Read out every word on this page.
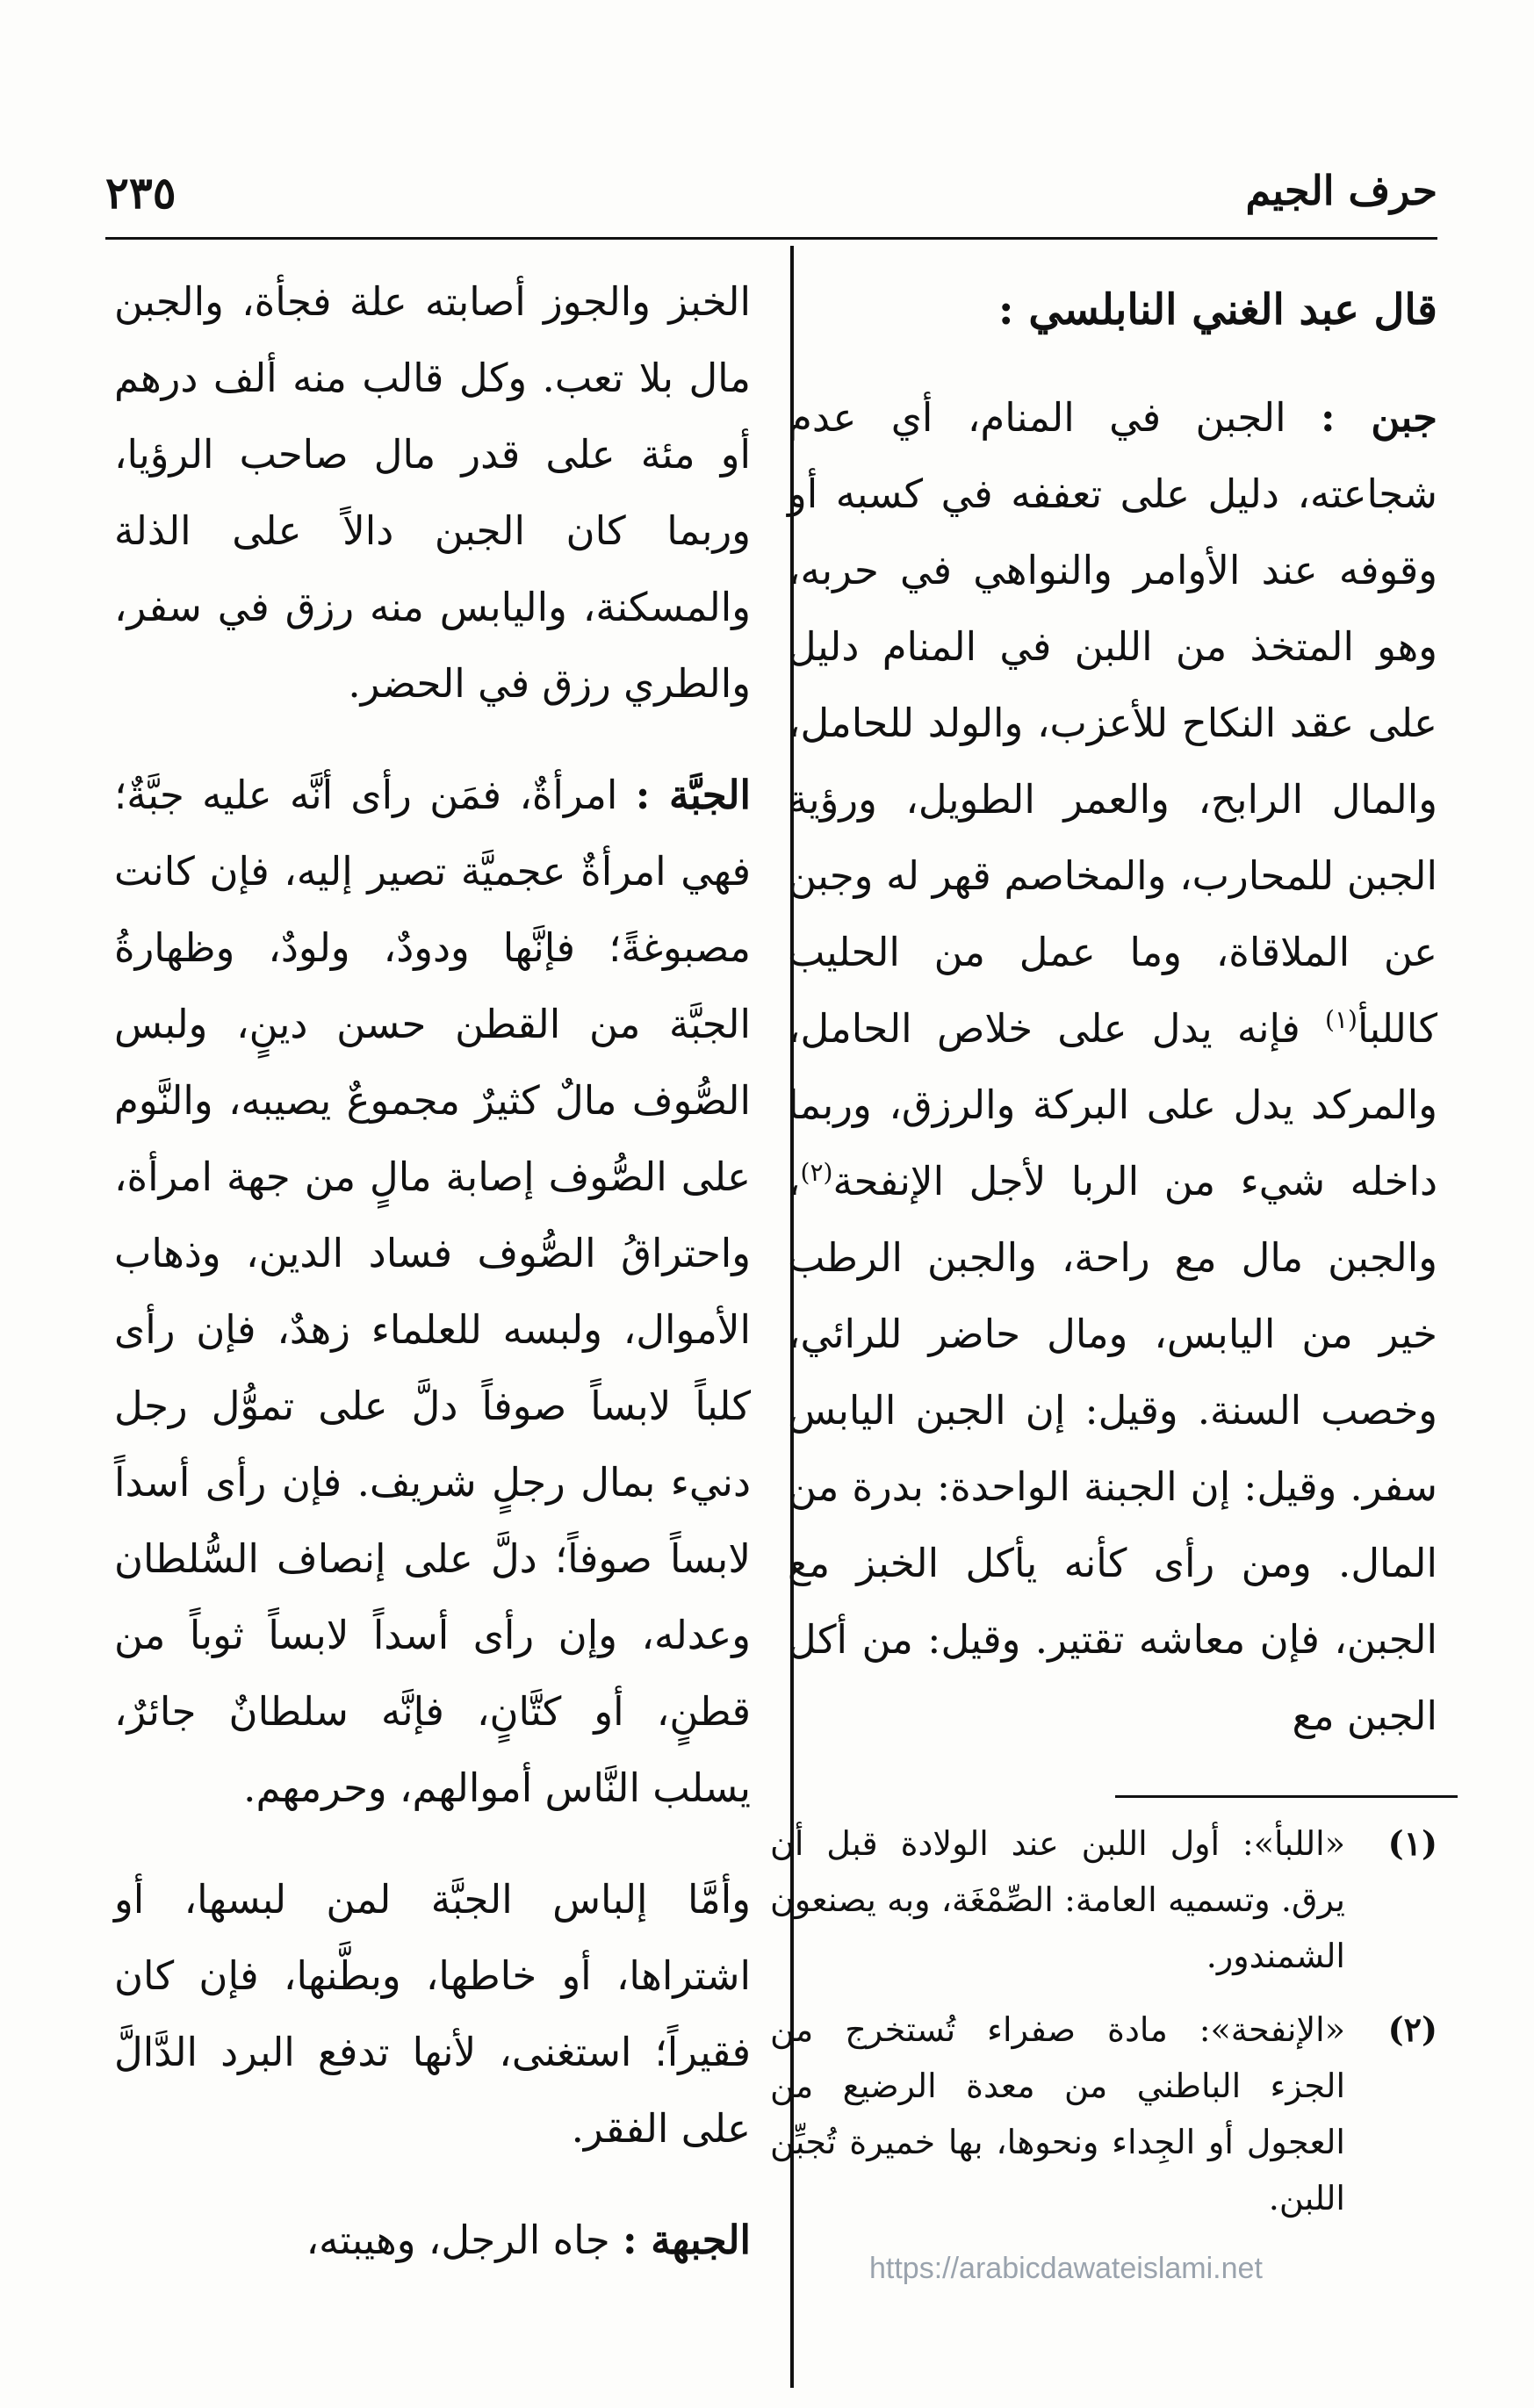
حرف الجيم
٢٣٥

قال عبد الغني النابلسي :

جبن : الجبن في المنام، أي عدم شجاعته، دليل على تعففه في كسبه أو وقوفه عند الأوامر والنواهي في حربه، وهو المتخذ من اللبن في المنام دليل على عقد النكاح للأعزب، والولد للحامل، والمال الرابح، والعمر الطويل، ورؤية الجبن للمحارب، والمخاصم قهر له وجبن عن الملاقاة، وما عمل من الحليب كاللبأ$^{(١)}$ فإنه يدل على خلاص الحامل، والمركد يدل على البركة والرزق، وربما داخله شيء من الربا لأجل الإنفحة$^{(٢)}$، والجبن مال مع راحة، والجبن الرطب خير من اليابس، ومال حاضر للرائي، وخصب السنة. وقيل: إن الجبن اليابس سفر. وقيل: إن الجبنة الواحدة: بدرة من المال. ومن رأى كأنه يأكل الخبز مع الجبن، فإن معاشه تقتير. وقيل: من أكل الجبن مع

(١)
«اللبأ»: أول اللبن عند الولادة قبل أن يرق. وتسميه العامة: الصِّمْغَة، وبه يصنعون الشمندور.
(٢)
«الإنفحة»: مادة صفراء تُستخرج من الجزء الباطني من معدة الرضيع من العجول أو الجِداء ونحوها، بها خميرة تُجبِّن اللبن.

الخبز والجوز أصابته علة فجأة، والجبن مال بلا تعب. وكل قالب منه ألف درهم أو مئة على قدر مال صاحب الرؤيا، وربما كان الجبن دالاً على الذلة والمسكنة، واليابس منه رزق في سفر، والطري رزق في الحضر.

الجبَّة : امرأةٌ، فمَن رأى أنَّه عليه جبَّةٌ؛ فهي امرأةٌ عجميَّة تصير إليه، فإن كانت مصبوغةً؛ فإنَّها ودودٌ، ولودٌ، وظهارةُ الجبَّة من القطن حسن دينٍ، ولبس الصُّوف مالٌ كثيرٌ مجموعٌ يصيبه، والنَّوم على الصُّوف إصابة مالٍ من جهة امرأة، واحتراقُ الصُّوف فساد الدين، وذهاب الأموال، ولبسه للعلماء زهدٌ، فإن رأى كلباً لابساً صوفاً دلَّ على تموُّل رجل دنيء بمال رجلٍ شريف. فإن رأى أسداً لابساً صوفاً؛ دلَّ على إنصاف السُّلطان وعدله، وإن رأى أسداً لابساً ثوباً من قطنٍ، أو كتَّانٍ، فإنَّه سلطانٌ جائرٌ، يسلب النَّاس أموالهم، وحرمهم.

وأمَّا إلباس الجبَّة لمن لبسها، أو اشتراها، أو خاطها، وبطَّنها، فإن كان فقيراً؛ استغنى، لأنها تدفع البرد الدَّالَّ على الفقر.

الجبهة : جاه الرجل، وهيبته،

https://arabicdawateislami.net
